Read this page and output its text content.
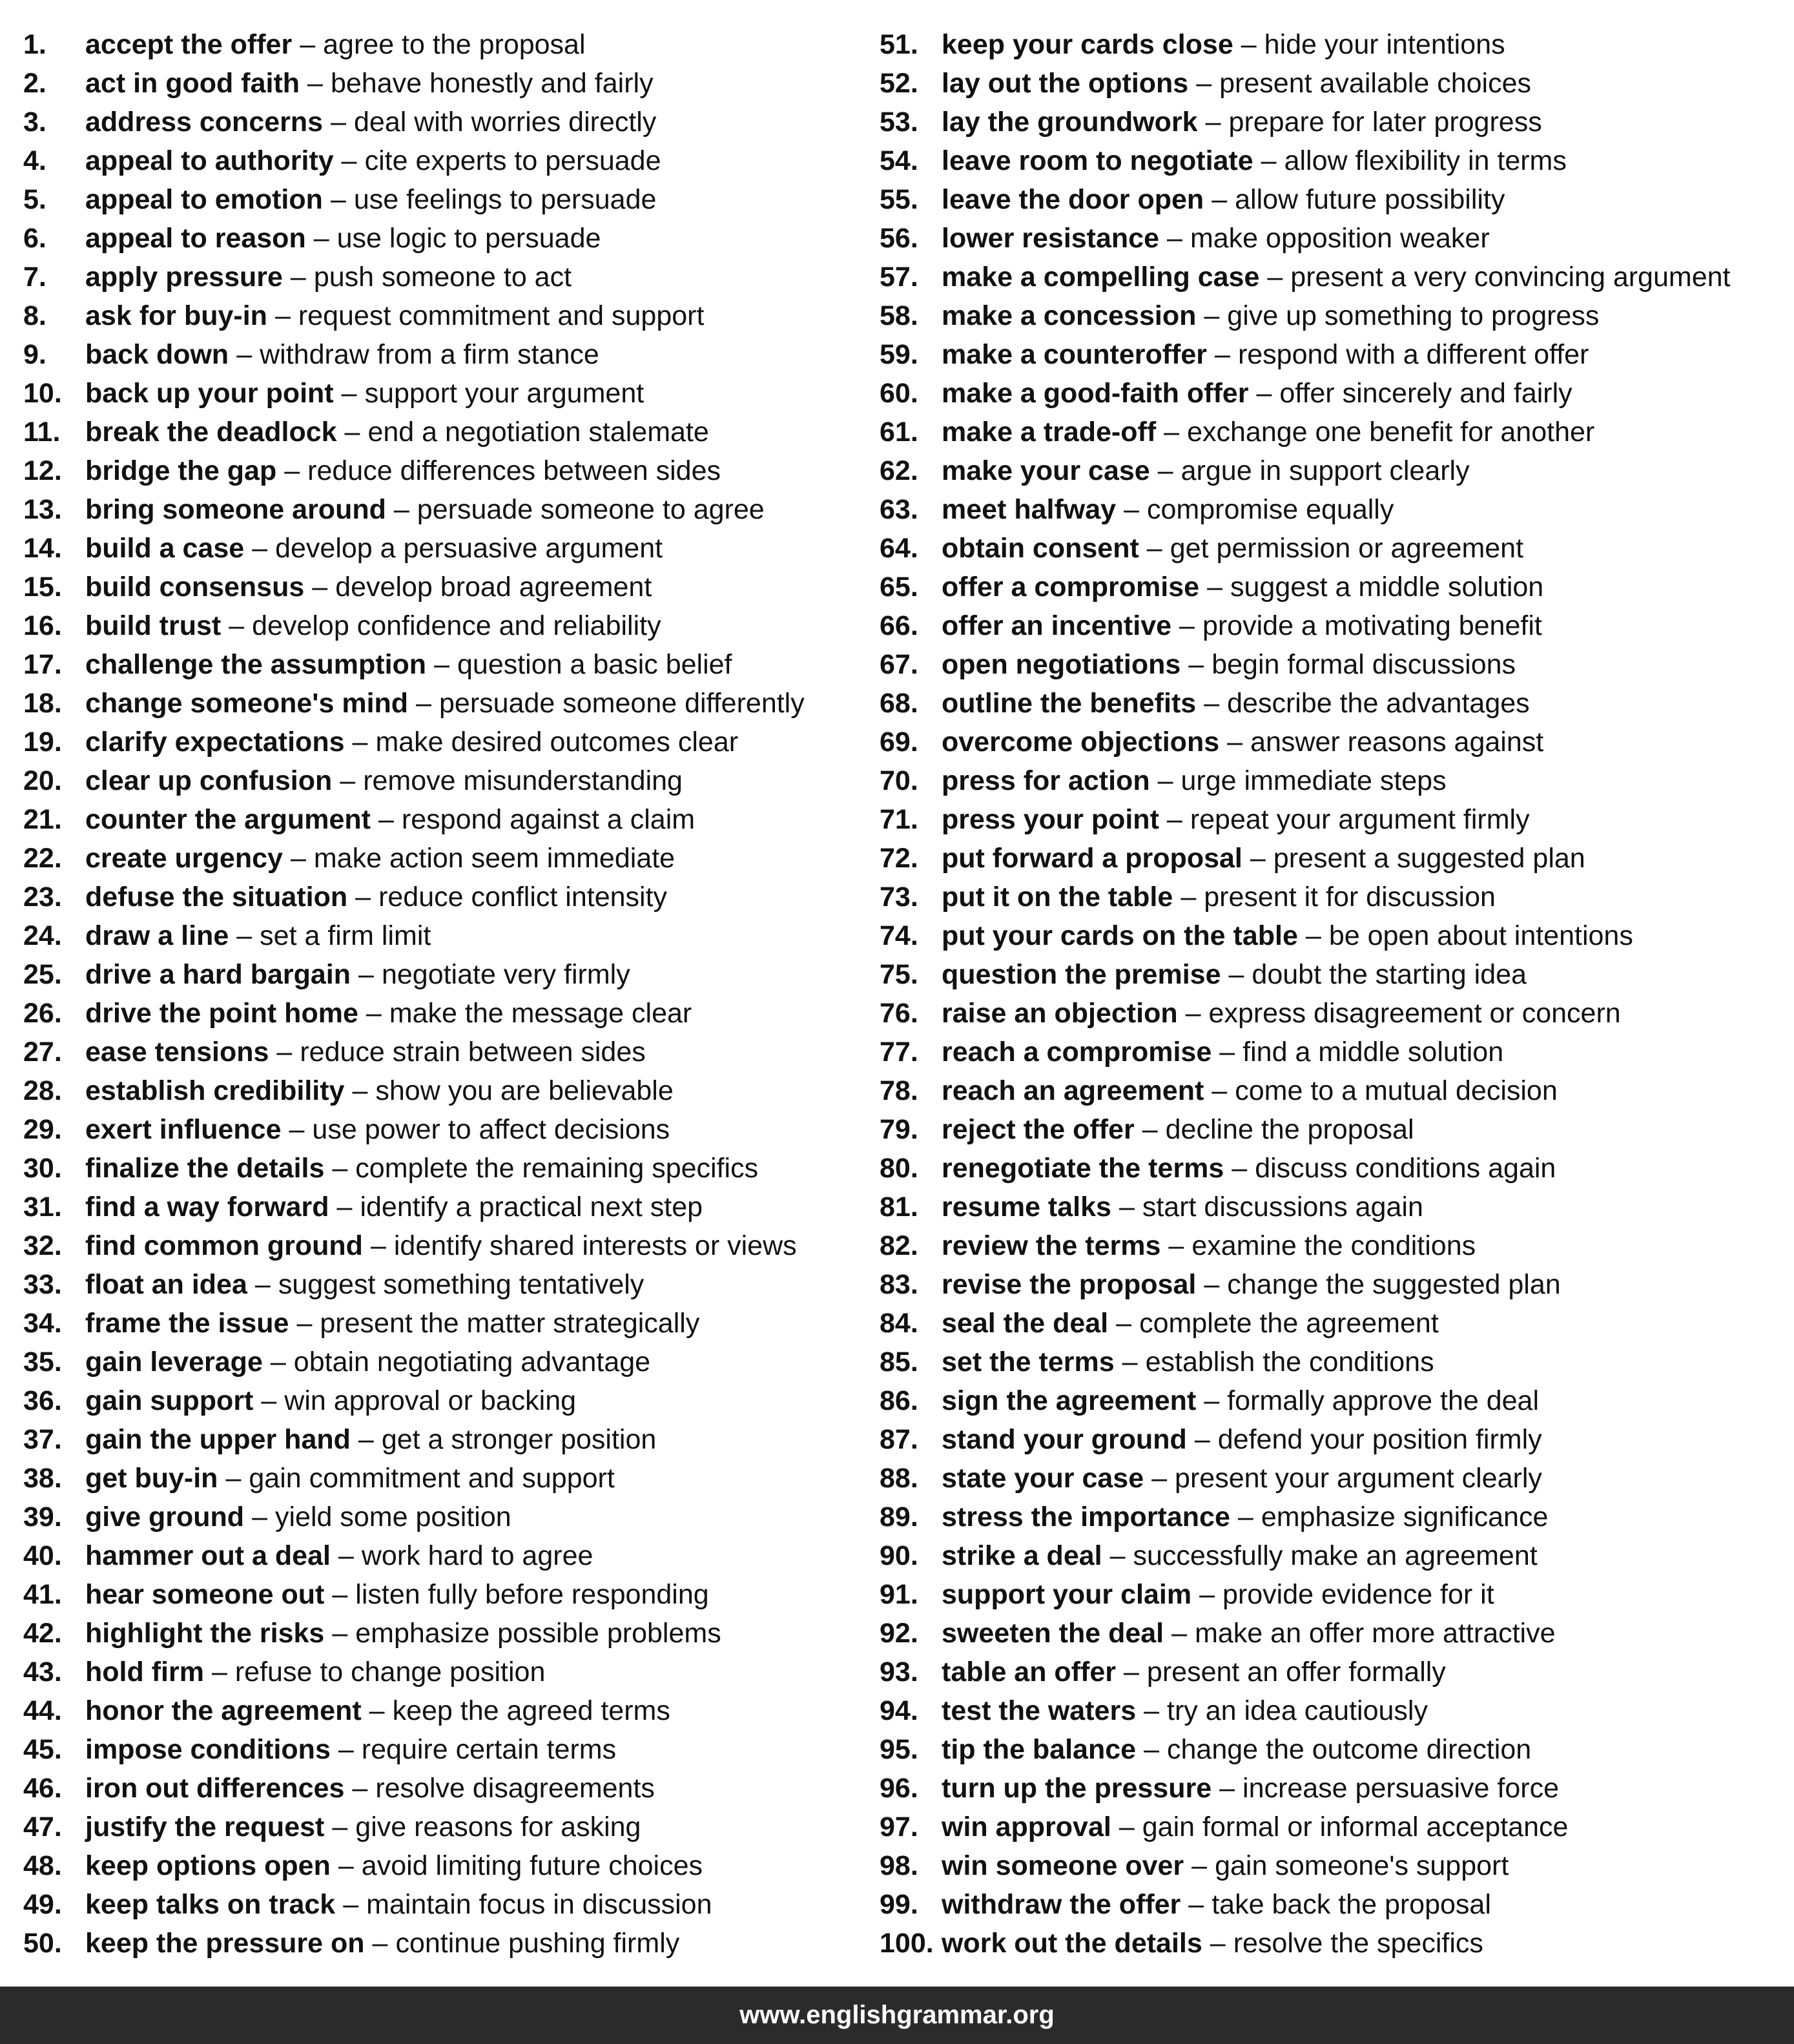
1.	accept the offer – agree to the proposal
2.	act in good faith – behave honestly and fairly
3.	address concerns – deal with worries directly
4.	appeal to authority – cite experts to persuade
5.	appeal to emotion – use feelings to persuade
6.	appeal to reason – use logic to persuade
7.	apply pressure – push someone to act
8.	ask for buy-in – request commitment and support
9.	back down – withdraw from a firm stance
10. back up your point – support your argument
11. break the deadlock – end a negotiation stalemate
12. bridge the gap – reduce differences between sides
13. bring someone around – persuade someone to agree
14. build a case – develop a persuasive argument
15. build consensus – develop broad agreement
16. build trust – develop confidence and reliability
17. challenge the assumption – question a basic belief
18. change someone's mind – persuade someone differently
19. clarify expectations – make desired outcomes clear
20. clear up confusion – remove misunderstanding
21. counter the argument – respond against a claim
22. create urgency – make action seem immediate
23. defuse the situation – reduce conflict intensity
24. draw a line – set a firm limit
25. drive a hard bargain – negotiate very firmly
26. drive the point home – make the message clear
27. ease tensions – reduce strain between sides
28. establish credibility – show you are believable
29. exert influence – use power to affect decisions
30. finalize the details – complete the remaining specifics
31. find a way forward – identify a practical next step
32. find common ground – identify shared interests or views
33. float an idea – suggest something tentatively
34. frame the issue – present the matter strategically
35. gain leverage – obtain negotiating advantage
36. gain support – win approval or backing
37. gain the upper hand – get a stronger position
38. get buy-in – gain commitment and support
39. give ground – yield some position
40. hammer out a deal – work hard to agree
41. hear someone out – listen fully before responding
42. highlight the risks – emphasize possible problems
43. hold firm – refuse to change position
44. honor the agreement – keep the agreed terms
45. impose conditions – require certain terms
46. iron out differences – resolve disagreements
47. justify the request – give reasons for asking
48. keep options open – avoid limiting future choices
49. keep talks on track – maintain focus in discussion
50. keep the pressure on – continue pushing firmly
51. keep your cards close – hide your intentions
52. lay out the options – present available choices
53. lay the groundwork – prepare for later progress
54. leave room to negotiate – allow flexibility in terms
55. leave the door open – allow future possibility
56. lower resistance – make opposition weaker
57. make a compelling case – present a very convincing argument
58. make a concession – give up something to progress
59. make a counteroffer – respond with a different offer
60. make a good-faith offer – offer sincerely and fairly
61. make a trade-off – exchange one benefit for another
62. make your case – argue in support clearly
63. meet halfway – compromise equally
64. obtain consent – get permission or agreement
65. offer a compromise – suggest a middle solution
66. offer an incentive – provide a motivating benefit
67. open negotiations – begin formal discussions
68. outline the benefits – describe the advantages
69. overcome objections – answer reasons against
70. press for action – urge immediate steps
71. press your point – repeat your argument firmly
72. put forward a proposal – present a suggested plan
73. put it on the table – present it for discussion
74. put your cards on the table – be open about intentions
75. question the premise – doubt the starting idea
76. raise an objection – express disagreement or concern
77. reach a compromise – find a middle solution
78. reach an agreement – come to a mutual decision
79. reject the offer – decline the proposal
80. renegotiate the terms – discuss conditions again
81. resume talks – start discussions again
82. review the terms – examine the conditions
83. revise the proposal – change the suggested plan
84. seal the deal – complete the agreement
85. set the terms – establish the conditions
86. sign the agreement – formally approve the deal
87. stand your ground – defend your position firmly
88. state your case – present your argument clearly
89. stress the importance – emphasize significance
90. strike a deal – successfully make an agreement
91. support your claim – provide evidence for it
92. sweeten the deal – make an offer more attractive
93. table an offer – present an offer formally
94. test the waters – try an idea cautiously
95. tip the balance – change the outcome direction
96. turn up the pressure – increase persuasive force
97. win approval – gain formal or informal acceptance
98. win someone over – gain someone's support
99. withdraw the offer – take back the proposal
100. work out the details – resolve the specifics
www.englishgrammar.org
